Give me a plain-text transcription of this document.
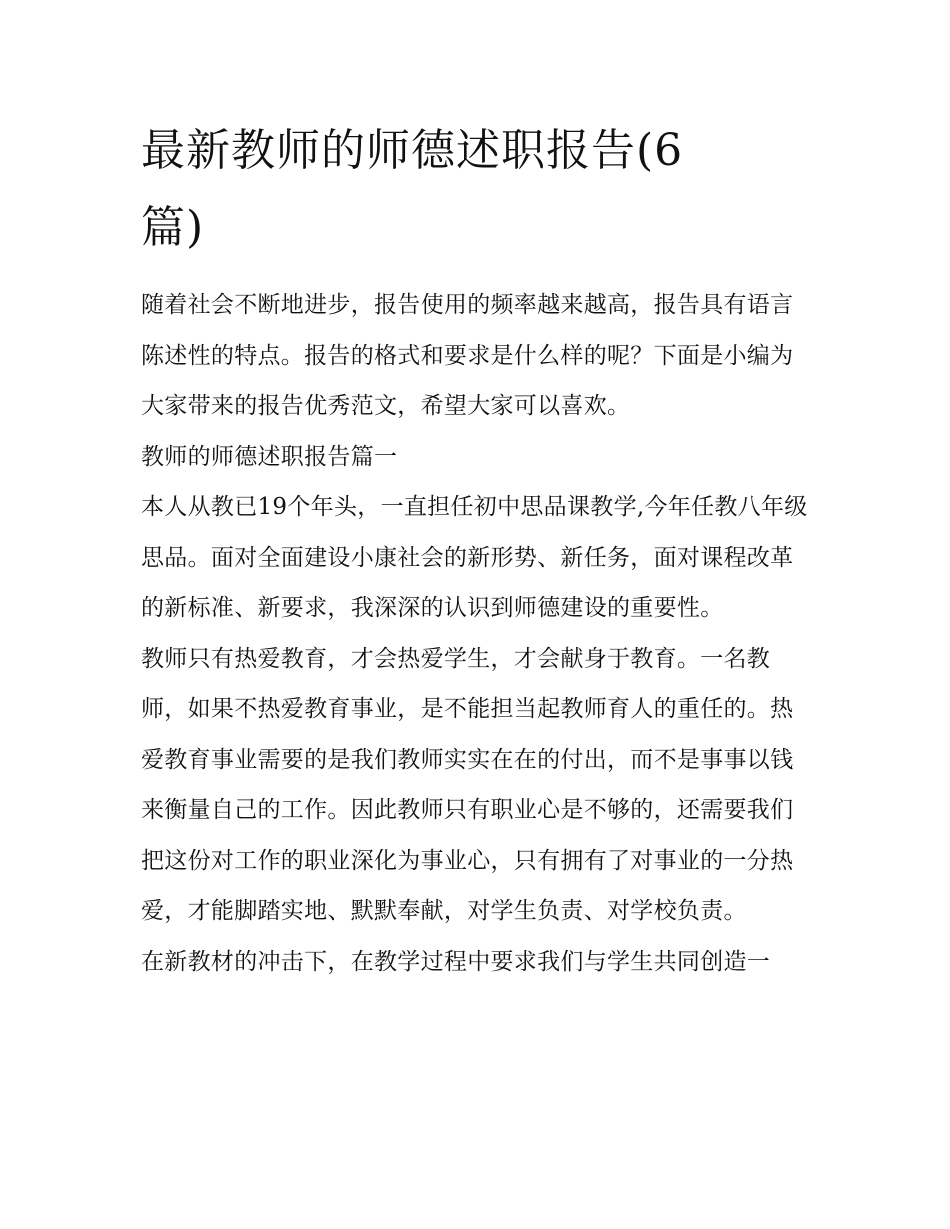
最新教师的师德述职报告(6
篇)

随着社会不断地进步，报告使用的频率越来越高，报告具有语言陈述性的特点。报告的格式和要求是什么样的呢？下面是小编为大家带来的报告优秀范文，希望大家可以喜欢。

教师的师德述职报告篇一

本人从教已19个年头，一直担任初中思品课教学,今年任教八年级思品。面对全面建设小康社会的新形势、新任务，面对课程改革的新标准、新要求，我深深的认识到师德建设的重要性。

教师只有热爱教育，才会热爱学生，才会献身于教育。一名教师，如果不热爱教育事业，是不能担当起教师育人的重任的。热爱教育事业需要的是我们教师实实在在的付出，而不是事事以钱来衡量自己的工作。因此教师只有职业心是不够的，还需要我们把这份对工作的职业深化为事业心，只有拥有了对事业的一分热爱，才能脚踏实地、默默奉献，对学生负责、对学校负责。

在新教材的冲击下，在教学过程中要求我们与学生共同创造一
